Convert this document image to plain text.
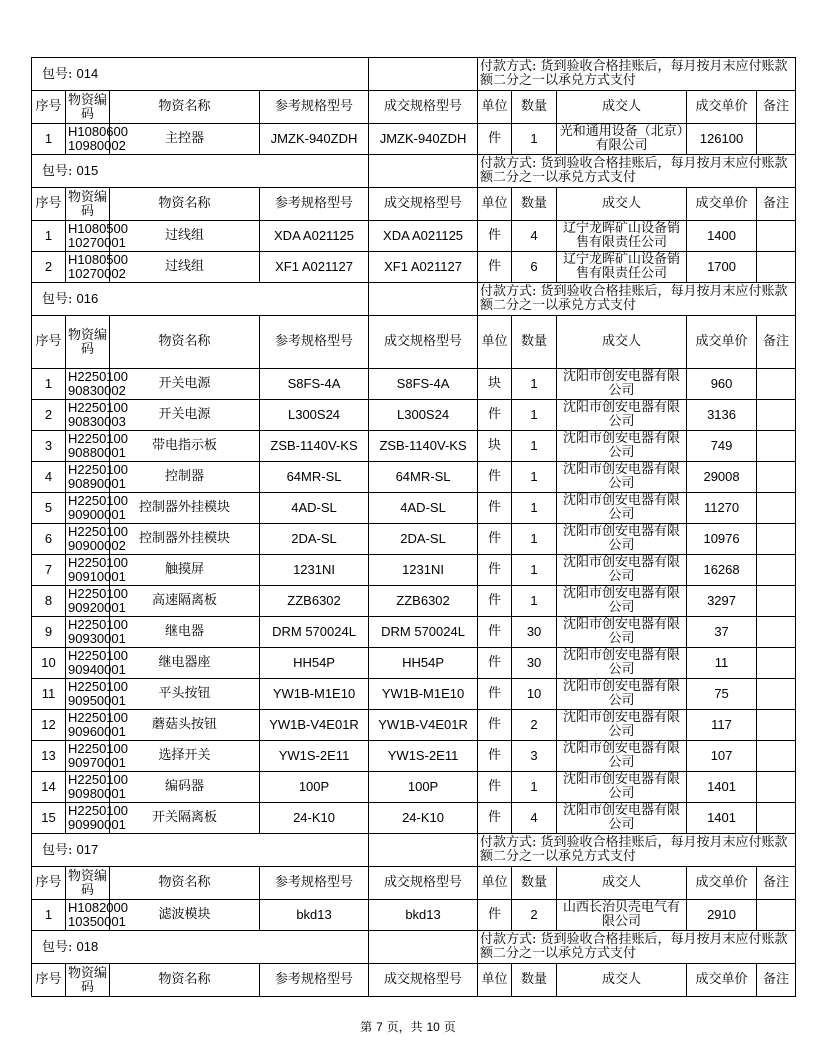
包号: 014					付款方式: 货到验收合格挂账后，每月按月末应付账款额二分之一以承兑方式支付				
序号	物资编码	物资名称	参考规格型号	成交规格型号	单位	数量	成交人	成交单价	备注
1	H1080600 10980002	主控器	JMZK-940ZDH	JMZK-940ZDH	件	1	光和通用设备（北京）有限公司	126100	
包号: 015					付款方式: 货到验收合格挂账后，每月按月末应付账款额二分之一以承兑方式支付				
序号	物资编码	物资名称	参考规格型号	成交规格型号	单位	数量	成交人	成交单价	备注
1	H1080500 10270001	过线组	XDA A021125	XDA A021125	件	4	辽宁龙晖矿山设备销售有限责任公司	1400	
2	H1080500 10270002	过线组	XF1 A021127	XF1 A021127	件	6	辽宁龙晖矿山设备销售有限责任公司	1700	
包号: 016					付款方式: 货到验收合格挂账后，每月按月末应付账款额二分之一以承兑方式支付				
序号	物资编码	物资名称	参考规格型号	成交规格型号	单位	数量	成交人	成交单价	备注
1	H2250100 90830002	开关电源	S8FS-4A	S8FS-4A	块	1	沈阳市创安电器有限公司	960	
2	H2250100 90830003	开关电源	L300S24	L300S24	件	1	沈阳市创安电器有限公司	3136	
3	H2250100 90880001	带电指示板	ZSB-1140V-KS	ZSB-1140V-KS	块	1	沈阳市创安电器有限公司	749	
4	H2250100 90890001	控制器	64MR-SL	64MR-SL	件	1	沈阳市创安电器有限公司	29008	
5	H2250100 90900001	控制器外挂模块	4AD-SL	4AD-SL	件	1	沈阳市创安电器有限公司	11270	
6	H2250100 90900002	控制器外挂模块	2DA-SL	2DA-SL	件	1	沈阳市创安电器有限公司	10976	
7	H2250100 90910001	触摸屏	1231NI	1231NI	件	1	沈阳市创安电器有限公司	16268	
8	H2250100 90920001	高速隔离板	ZZB6302	ZZB6302	件	1	沈阳市创安电器有限公司	3297	
9	H2250100 90930001	继电器	DRM 570024L	DRM 570024L	件	30	沈阳市创安电器有限公司	37	
10	H2250100 90940001	继电器座	HH54P	HH54P	件	30	沈阳市创安电器有限公司	11	
11	H2250100 90950001	平头按钮	YW1B-M1E10	YW1B-M1E10	件	10	沈阳市创安电器有限公司	75	
12	H2250100 90960001	蘑菇头按钮	YW1B-V4E01R	YW1B-V4E01R	件	2	沈阳市创安电器有限公司	117	
13	H2250100 90970001	选择开关	YW1S-2E11	YW1S-2E11	件	3	沈阳市创安电器有限公司	107	
14	H2250100 90980001	编码器	100P	100P	件	1	沈阳市创安电器有限公司	1401	
15	H2250100 90990001	开关隔离板	24-K10	24-K10	件	4	沈阳市创安电器有限公司	1401	
包号: 017					付款方式: 货到验收合格挂账后，每月按月末应付账款额二分之一以承兑方式支付				
序号	物资编码	物资名称	参考规格型号	成交规格型号	单位	数量	成交人	成交单价	备注
1	H1082000 10350001	滤波模块	bkd13	bkd13	件	2	山西长治贝壳电气有限公司	2910	
包号: 018					付款方式: 货到验收合格挂账后，每月按月末应付账款额二分之一以承兑方式支付				
序号	物资编码	物资名称	参考规格型号	成交规格型号	单位	数量	成交人	成交单价	备注
第 7 页，共 10 页
